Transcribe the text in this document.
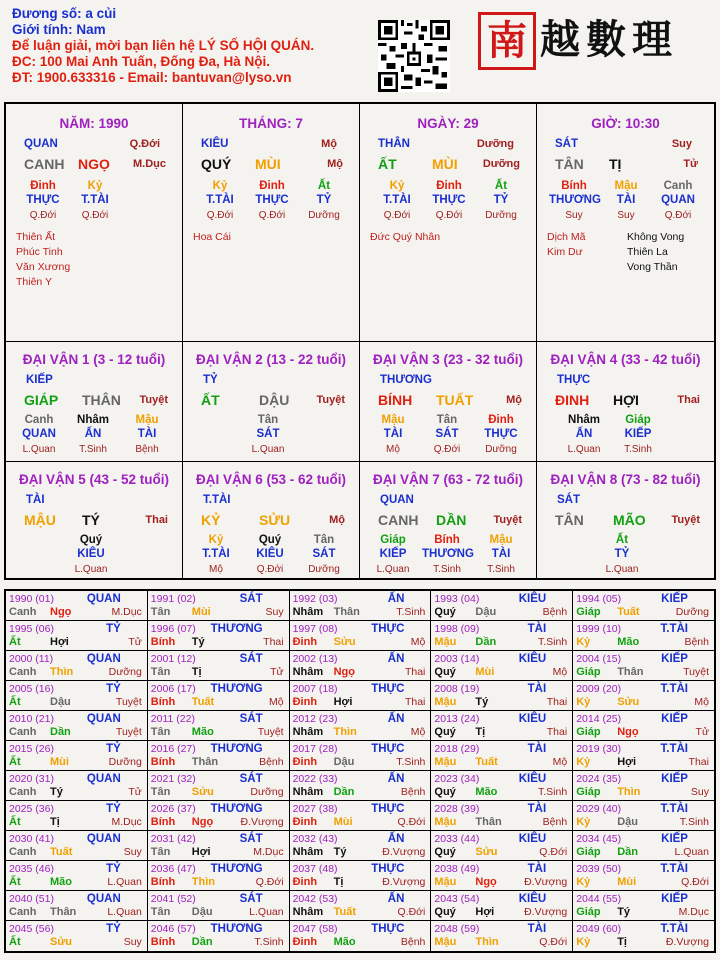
Đương số: a củi
Giới tính: Nam
Để luận giải, mời bạn liên hệ LÝ SỐ HỘI QUÁN.
ĐC: 100 Mai Anh Tuấn, Đống Đa, Hà Nội.
ĐT: 1900.633316 - Email: bantuvan@lyso.vn
南 越數理
NĂM: 1990
QUAN	Q.Đới
CANH NGỌ M.Dục
Đinh
THỰC
Q.Đới
Kỷ
T.TÀI
Q.Đới
Thiên Ất
Phúc Tinh
Văn Xương
Thiên Y
THÁNG: 7
KIÊU	Mộ
QUÝ MÙI	Mộ
Kỷ
T.TÀI
Q.Đới
Đinh
THỰC
Q.Đới
Ất
TỶ
Dưỡng
Hoa Cái
NGÀY: 29
THÂN	Dưỡng
ẤT	MÙI Dưỡng
Kỷ
T.TÀI
Q.Đới
Đinh
THỰC
Q.Đới
Ất
TỶ
Dưỡng
Đức Quý Nhân
GIỜ: 10:30
SÁT	Suy
TÂN TỊ	Tử
Bính
THƯƠNG
Suy
Mậu
TÀI
Suy
Canh
QUAN
Q.Đới
Dịch Mã
Kim Dư
Không Vong
Thiên La
Vong Thần
ĐẠI VẬN 1 (3 - 12 tuổi)
KIẾP
GIÁP THÂN Tuyệt
Canh
QUAN
L.Quan
Nhâm
ẤN
T.Sinh
Mậu
TÀI
Bệnh
ĐẠI VẬN 2 (13 - 22 tuổi)
TỶ
ẤT	DẬU Tuyệt
Tân
SÁT
L.Quan
ĐẠI VẬN 3 (23 - 32 tuổi)
THƯƠNG
BÍNH TUẤT	Mộ
Mậu
TÀI
Mộ
Tân
SÁT
Q.Đới
Đinh
THỰC
Dưỡng
ĐẠI VẬN 4 (33 - 42 tuổi)
THỰC
ĐINH HỢI	Thai
Nhâm
ẤN
L.Quan
Giáp
KIẾP
T.Sinh
ĐẠI VẬN 5 (43 - 52 tuổi)
TÀI
MẬU TÝ	Thai
Quý
KIÊU
L.Quan
ĐẠI VẬN 6 (53 - 62 tuổi)
T.TÀI
KỶ	SỬU	Mộ
Kỷ
T.TÀI
Mộ
Quý
KIÊU
Q.Đới
Tân
SÁT
Dưỡng
ĐẠI VẬN 7 (63 - 72 tuổi)
QUAN
CANH DẦN Tuyệt
Giáp
KIẾP
L.Quan
Bính
THƯƠNG
T.Sinh
Mậu
TÀI
T.Sinh
ĐẠI VẬN 8 (73 - 82 tuổi)
SÁT
TÂN MÃO Tuyệt
Ất
TỶ
L.Quan
1990 (01)	QUAN
Canh Ngọ	M.Dục
1991 (02)	SÁT
Tân Mùi	Suy
1992 (03)	ẤN
Nhâm Thân	T.Sinh
1993 (04)	KIÊU
Quý Dậu	Bệnh
1994 (05)	KIẾP
Giáp Tuất	Dưỡng
1995 (06)	TỶ
Ất	Hợi	Tử
1996 (07) THƯƠNG
Bính Tý	Thai
1997 (08)	THỰC
Đinh Sửu	Mộ
1998 (09)	TÀI
Mậu Dần	T.Sinh
1999 (10)	T.TÀI
Kỷ Mão	Bệnh
2000 (11)	QUAN
Canh Thìn	Dưỡng
2001 (12)	SÁT
Tân Tị	Tử
2002 (13)	ẤN
Nhâm Ngọ	Thai
2003 (14)	KIÊU
Quý Mùi	Mộ
2004 (15)	KIẾP
Giáp Thân	Tuyệt
2005 (16)	TỶ
Ất	Dậu	Tuyệt
2006 (17) THƯƠNG
Bính Tuất	Mộ
2007 (18)	THỰC
Đinh Hợi	Thai
2008 (19)	TÀI
Mậu Tý	Thai
2009 (20)	T.TÀI
Kỷ Sửu	Mộ
2010 (21)	QUAN
Canh Dần	Tuyệt
2011 (22)	SÁT
Tân Mão	Tuyệt
2012 (23)	ẤN
Nhâm Thìn	Mộ
2013 (24)	KIÊU
Quý Tị	Thai
2014 (25)	KIẾP
Giáp Ngọ	Tử
2015 (26)	TỶ
Ất	Mùi	Dưỡng
2016 (27) THƯƠNG
Bính Thân	Bệnh
2017 (28)	THỰC
Đinh Dậu	T.Sinh
2018 (29)	TÀI
Mậu Tuất	Mộ
2019 (30)	T.TÀI
Kỷ Hợi	Thai
2020 (31)	QUAN
Canh Tý	Tử
2021 (32)	SÁT
Tân Sửu	Dưỡng
2022 (33)	ẤN
Nhâm Dần	Bệnh
2023 (34)	KIÊU
Quý Mão	T.Sinh
2024 (35)	KIẾP
Giáp Thìn	Suy
2025 (36)	TỶ
Ất	Tị	M.Dục
2026 (37) THƯƠNG
Bính Ngọ	Đ.Vượng
2027 (38)	THỰC
Đinh Mùi	Q.Đới
2028 (39)	TÀI
Mậu Thân	Bệnh
2029 (40)	T.TÀI
Kỷ Dậu	T.Sinh
2030 (41)	QUAN
Canh Tuất	Suy
2031 (42)	SÁT
Tân Hợi	M.Dục
2032 (43)	ẤN
Nhâm Tý	Đ.Vượng
2033 (44)	KIÊU
Quý Sửu	Q.Đới
2034 (45)	KIẾP
Giáp Dần	L.Quan
2035 (46)	TỶ
Ất	Mão	L.Quan
2036 (47) THƯƠNG
Bính Thìn	Q.Đới
2037 (48)	THỰC
Đinh Tị	Đ.Vượng
2038 (49)	TÀI
Mậu Ngọ	Đ.Vượng
2039 (50)	T.TÀI
Kỷ Mùi	Q.Đới
2040 (51)	QUAN
Canh Thân	L.Quan
2041 (52)	SÁT
Tân Dậu	L.Quan
2042 (53)	ẤN
Nhâm Tuất	Q.Đới
2043 (54)	KIÊU
Quý Hợi	Đ.Vượng
2044 (55)	KIẾP
Giáp Tý	M.Dục
2045 (56)	TỶ
Ất	Sửu	Suy
2046 (57) THƯƠNG
Bính Dần	T.Sinh
2047 (58)	THỰC
Đinh Mão	Bệnh
2048 (59)	TÀI
Mậu Thìn	Q.Đới
2049 (60)	T.TÀI
Kỷ Tị	Đ.Vượng
